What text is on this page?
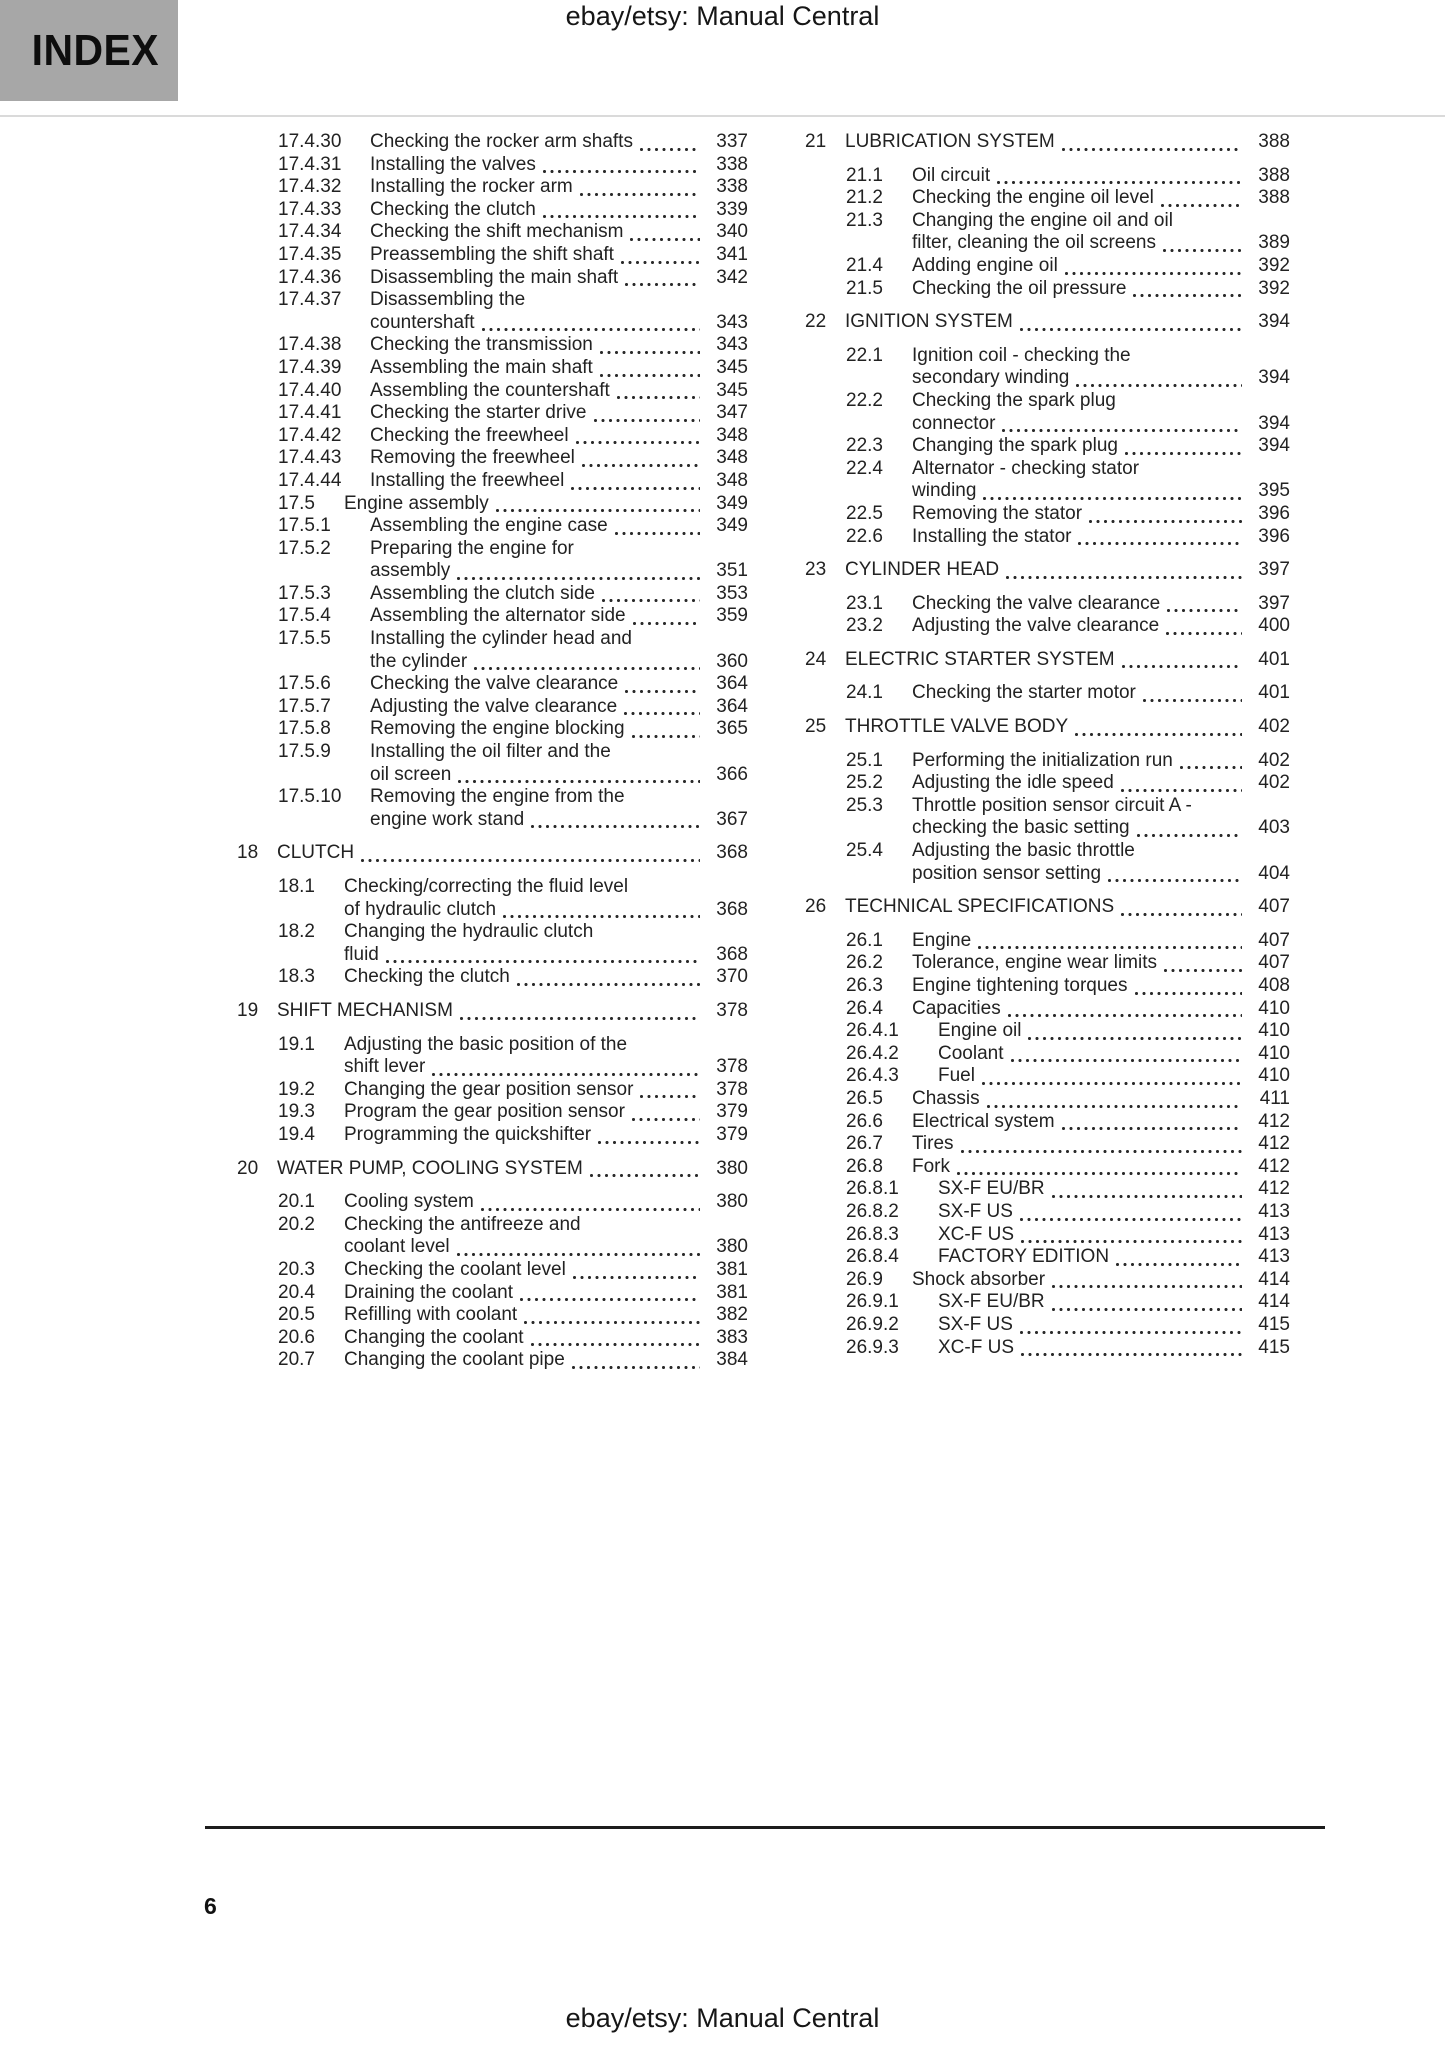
INDEX
ebay/etsy: Manual Central
17.4.30	Checking the rocker arm shafts	337
17.4.31	Installing the valves	338
17.4.32	Installing the rocker arm	338
17.4.33	Checking the clutch	339
17.4.34	Checking the shift mechanism	340
17.4.35	Preassembling the shift shaft	341
17.4.36	Disassembling the main shaft	342
17.4.37	Disassembling the
countershaft	343
17.4.38	Checking the transmission	343
17.4.39	Assembling the main shaft	345
17.4.40	Assembling the countershaft	345
17.4.41	Checking the starter drive	347
17.4.42	Checking the freewheel	348
17.4.43	Removing the freewheel	348
17.4.44	Installing the freewheel	348
17.5	Engine assembly	349
17.5.1	Assembling the engine case	349
17.5.2	Preparing the engine for
assembly	351
17.5.3	Assembling the clutch side	353
17.5.4	Assembling the alternator side	359
17.5.5	Installing the cylinder head and
the cylinder	360
17.5.6	Checking the valve clearance	364
17.5.7	Adjusting the valve clearance	364
17.5.8	Removing the engine blocking	365
17.5.9	Installing the oil filter and the
oil screen	366
17.5.10	Removing the engine from the
engine work stand	367
18 CLUTCH	368
18.1	Checking/correcting the fluid level
of hydraulic clutch	368
18.2	Changing the hydraulic clutch
fluid	368
18.3	Checking the clutch	370
19 SHIFT MECHANISM	378
19.1	Adjusting the basic position of the
shift lever	378
19.2	Changing the gear position sensor	378
19.3	Program the gear position sensor	379
19.4	Programming the quickshifter	379
20 WATER PUMP, COOLING SYSTEM	380
20.1	Cooling system	380
20.2	Checking the antifreeze and
coolant level	380
20.3	Checking the coolant level	381
20.4	Draining the coolant	381
20.5	Refilling with coolant	382
20.6	Changing the coolant	383
20.7	Changing the coolant pipe	384
21 LUBRICATION SYSTEM	388
21.1	Oil circuit	388
21.2	Checking the engine oil level	388
21.3	Changing the engine oil and oil
filter, cleaning the oil screens	389
21.4	Adding engine oil	392
21.5	Checking the oil pressure	392
22 IGNITION SYSTEM	394
22.1	Ignition coil - checking the
secondary winding	394
22.2	Checking the spark plug
connector	394
22.3	Changing the spark plug	394
22.4	Alternator - checking stator
winding	395
22.5	Removing the stator	396
22.6	Installing the stator	396
23 CYLINDER HEAD	397
23.1	Checking the valve clearance	397
23.2	Adjusting the valve clearance	400
24 ELECTRIC STARTER SYSTEM	401
24.1	Checking the starter motor	401
25 THROTTLE VALVE BODY	402
25.1	Performing the initialization run	402
25.2	Adjusting the idle speed	402
25.3	Throttle position sensor circuit A -
checking the basic setting	403
25.4	Adjusting the basic throttle
position sensor setting	404
26 TECHNICAL SPECIFICATIONS	407
26.1	Engine	407
26.2	Tolerance, engine wear limits	407
26.3	Engine tightening torques	408
26.4	Capacities	410
26.4.1	Engine oil	410
26.4.2	Coolant	410
26.4.3	Fuel	410
26.5	Chassis	411
26.6	Electrical system	412
26.7	Tires	412
26.8	Fork	412
26.8.1	SX-F EU/BR	412
26.8.2	SX-F US	413
26.8.3	XC-F US	413
26.8.4	FACTORY EDITION	413
26.9	Shock absorber	414
26.9.1	SX-F EU/BR	414
26.9.2	SX-F US	415
26.9.3	XC-F US	415
6
ebay/etsy: Manual Central
